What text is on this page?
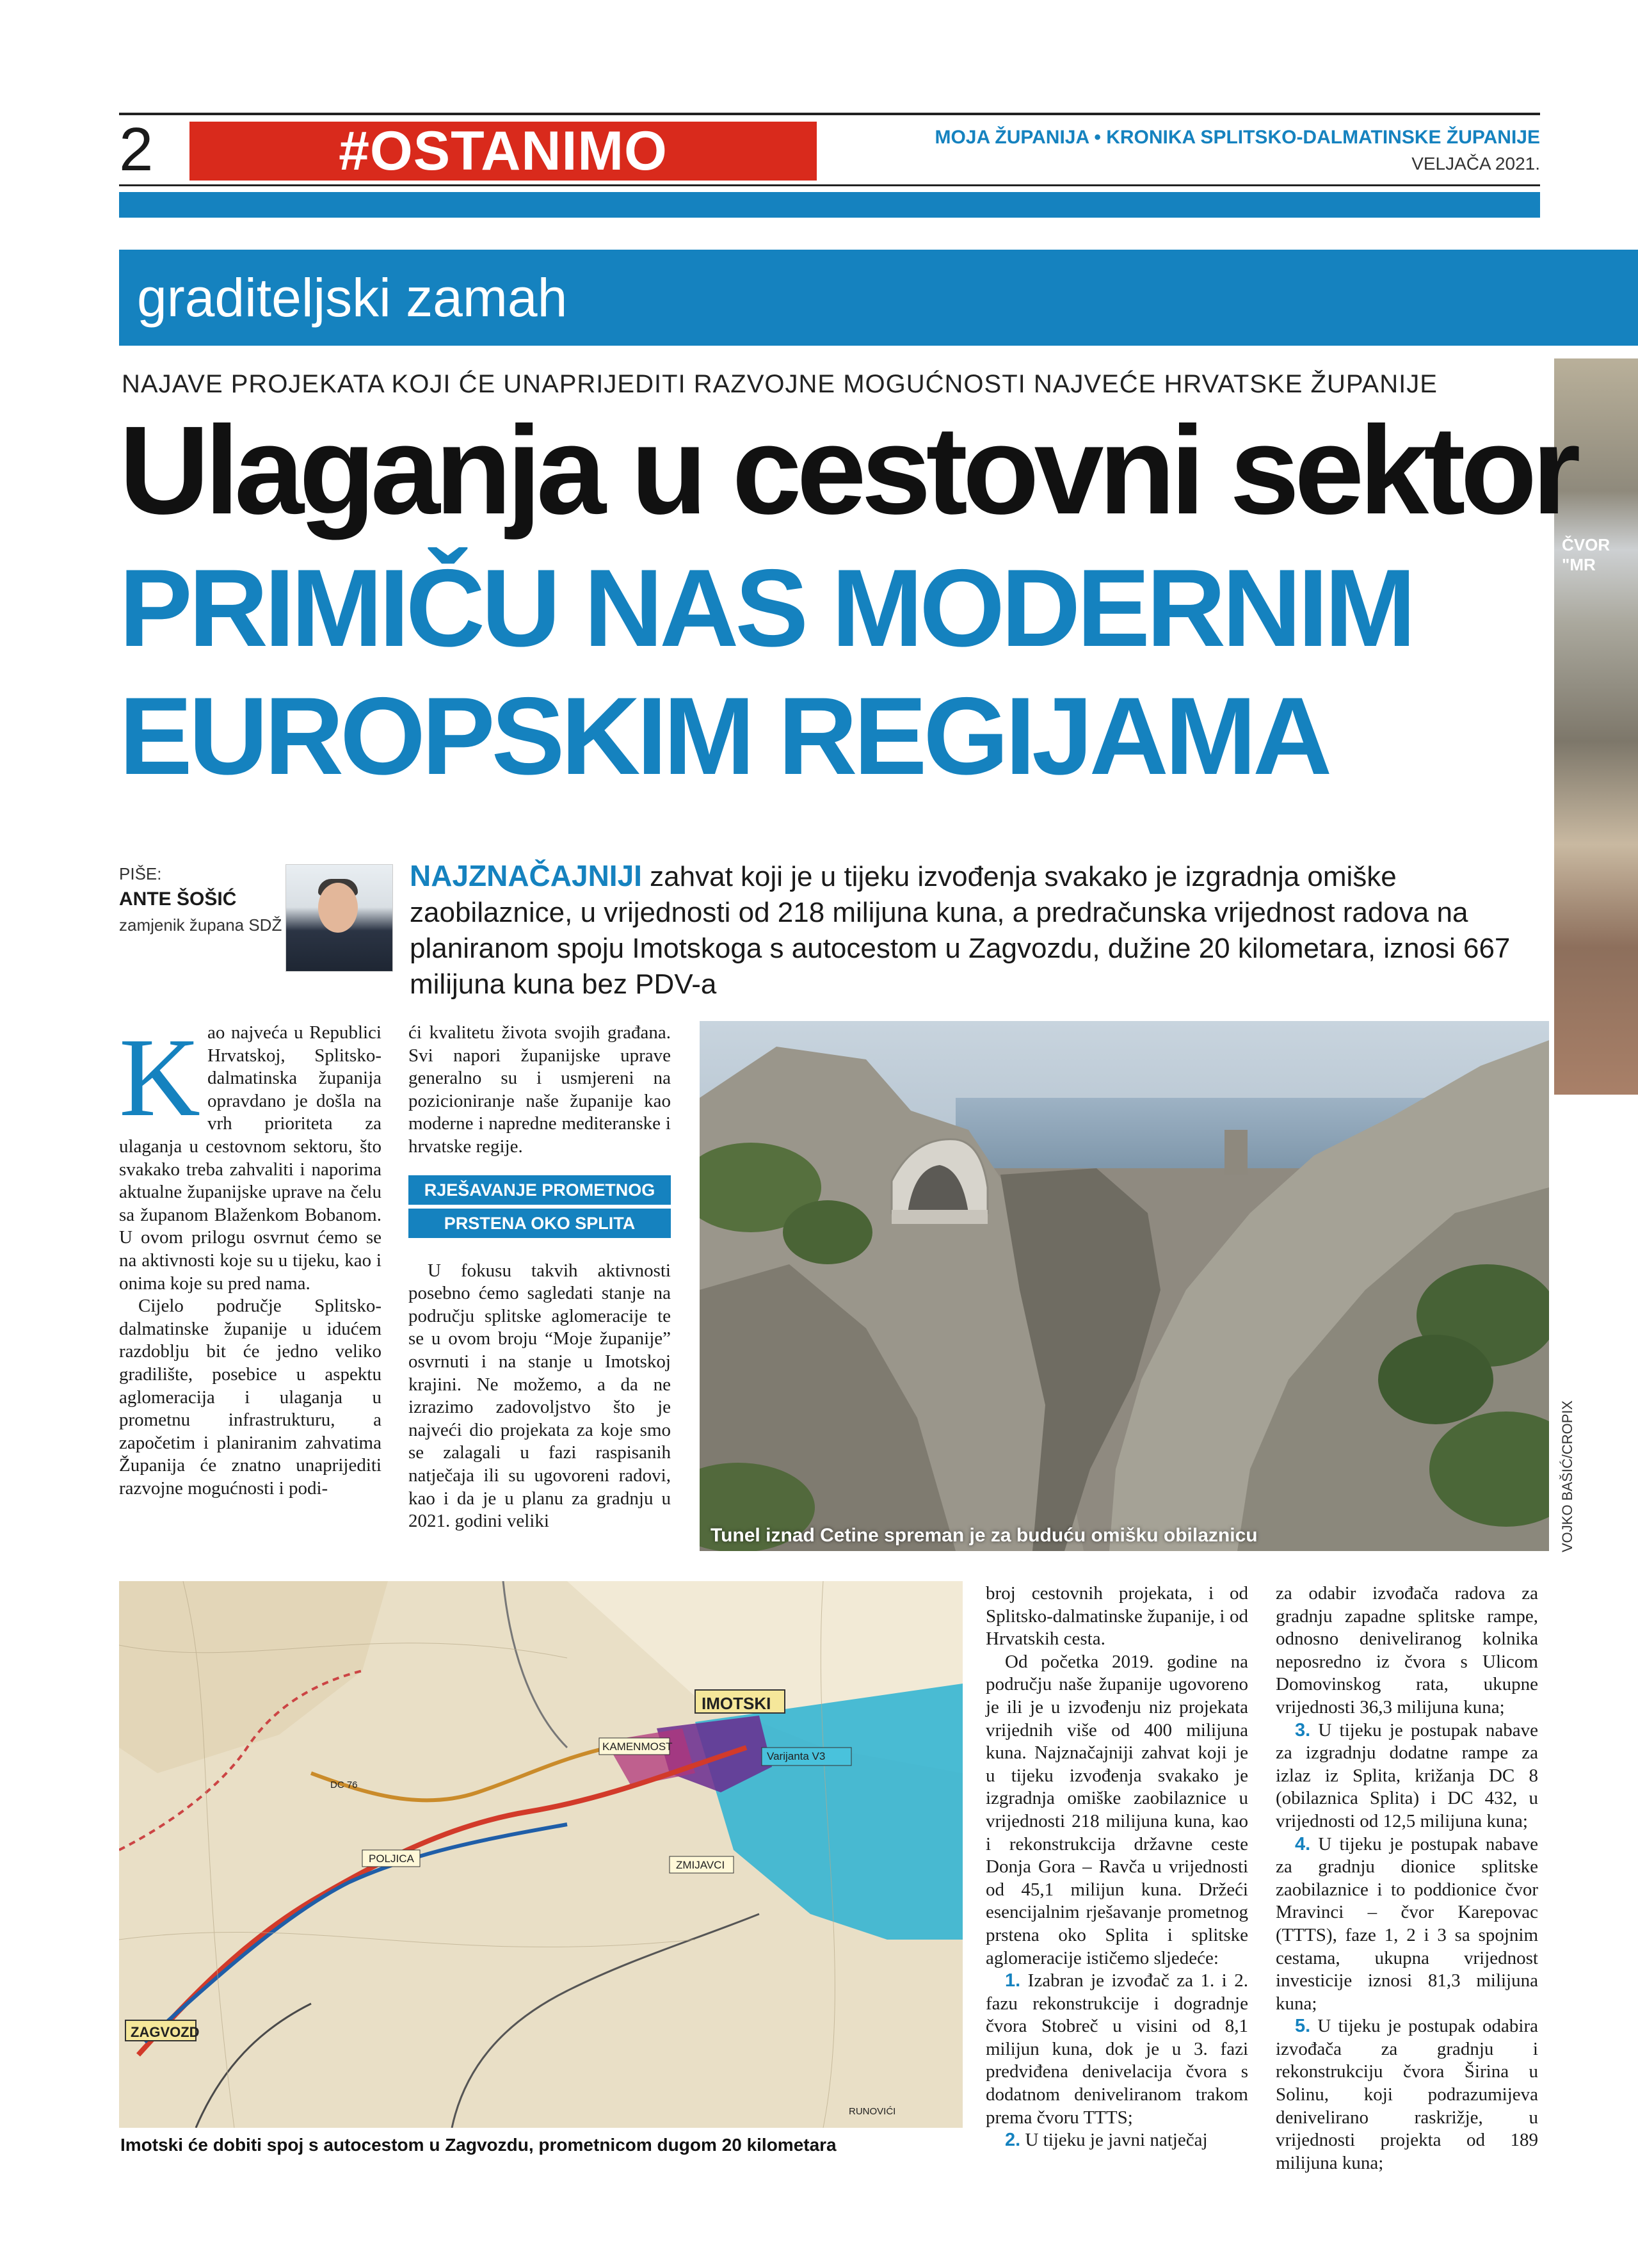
2	#OSTANIMO	MOJA ŽUPANIJA • KRONIKA SPLITSKO-DALMATINSKE ŽUPANIJE
VELJAČA 2021.
graditeljski zamah
ČVOR "MR
NAJAVE PROJEKATA KOJI ĆE UNAPRIJEDITI RAZVOJNE MOGUĆNOSTI NAJVEĆE HRVATSKE ŽUPANIJE
Ulaganja u cestovni sektor
PRIMIČU NAS MODERNIM
EUROPSKIM REGIJAMA
PIŠE:
ANTE ŠOŠIĆ
zamjenik župana SDŽ
NAJZNAČAJNIJI zahvat koji je u tijeku izvođenja svakako je izgradnja omiške zaobilaznice, u vrijednosti od 218 milijuna kuna, a predračunska vrijednost radova na planiranom spoju Imotskoga s autocestom u Zagvozdu, dužine 20 kilometara, iznosi 667 milijuna kuna bez PDV-a
K ao najveća u Republici Hrvatskoj, Splitsko-dalmatinska županija opravdano je došla na vrh prioriteta za ulaganja u cestovnom sektoru, što svakako treba zahvaliti i naporima aktualne županijske uprave na čelu sa županom Blaženkom Bobanom. U ovom prilogu osvrnut ćemo se na aktivnosti koje su u tijeku, kao i onima koje su pred nama.

Cijelo područje Splitsko-dalmatinske županije u idućem razdoblju bit će jedno veliko gradilište, posebice u aspektu aglomeracija i ulaganja u prometnu infrastrukturu, a započetim i planiranim zahvatima Županija će znatno unaprijediti razvojne mogućnosti i podi-

ći kvalitetu života svojih građana. Svi napori županijske uprave generalno su i usmjereni na pozicioniranje naše županije kao moderne i napredne mediteranske i hrvatske regije.

RJEŠAVANJE PROMETNOG
PRSTENA OKO SPLITA

U fokusu takvih aktivnosti posebno ćemo sagledati stanje na području splitske aglomeracije te se u ovom broju “Moje županije” osvrnuti i na stanje u Imotskoj krajini. Ne možemo, a da ne izrazimo zadovoljstvo što je najveći dio projekata za koje smo se zalagali u fazi raspisanih natječaja ili su ugovoreni radovi, kao i da je u planu za gradnju u 2021. godini veliki

Tunel iznad Cetine spreman je za buduću omišku obilaznicu	VOJKO BAŠIĆ/CROPIX
IMOTSKI
ZAGVOZD
KAMENMOST
POLJICA
ZMIJAVCI
Varijanta V3
RUNOVIĆI
DC 76
Imotski će dobiti spoj s autocestom u Zagvozdu, prometnicom dugom 20 kilometara

broj cestovnih projekata, i od Splitsko-dalmatinske županije, i od Hrvatskih cesta.

Od početka 2019. godine na području naše županije ugovoreno je ili je u izvođenju niz projekata vrijednih više od 400 milijuna kuna. Najznačajniji zahvat koji je u tijeku izvođenja svakako je izgradnja omiške zaobilaznice u vrijednosti 218 milijuna kuna, kao i rekonstrukcija državne ceste Donja Gora – Ravča u vrijednosti od 45,1 milijun kuna. Držeći esencijalnim rješavanje prometnog prstena oko Splita i splitske aglomeracije ističemo sljedeće:

1. Izabran je izvođač za 1. i 2. fazu rekonstrukcije i dogradnje čvora Stobreč u visini od 8,1 milijun kuna, dok je u 3. fazi predviđena denivelacija čvora s dodatnom deniveliranom trakom prema čvoru TTTS;

2. U tijeku je javni natječaj

za odabir izvođača radova za gradnju zapadne splitske rampe, odnosno deniveliranog kolnika neposredno iz čvora s Ulicom Domovinskog rata, ukupne vrijednosti 36,3 milijuna kuna;

3. U tijeku je postupak nabave za izgradnju dodatne rampe za izlaz iz Splita, križanja DC 8 (obilaznica Splita) i DC 432, u vrijednosti od 12,5 milijuna kuna;

4. U tijeku je postupak nabave za gradnju dionice splitske zaobilaznice i to poddionice čvor Mravinci – čvor Karepovac (TTTS), faze 1, 2 i 3 sa spojnim cestama, ukupna vrijednost investicije iznosi 81,3 milijuna kuna;

5. U tijeku je postupak odabira izvođača za gradnju i rekonstrukciju čvora Širina u Solinu, koji podrazumijeva denivelirano raskrižje, u vrijednosti projekta od 189 milijuna kuna;
